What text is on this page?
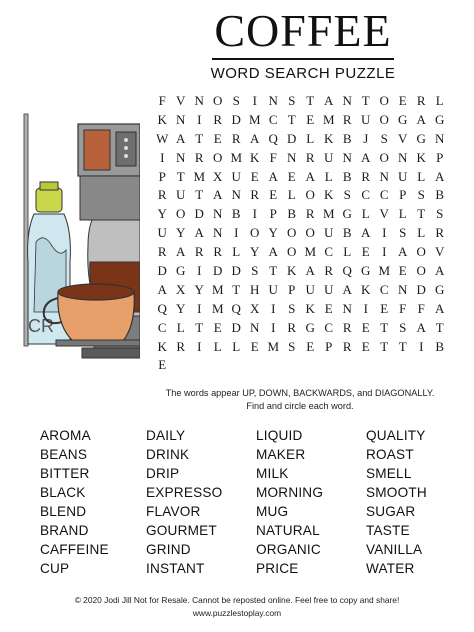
COFFEE
WORD SEARCH PUZZLE
CR
F V N O S I N S T A N T O E R L
K N I R D M C T E M R U O G A G
W A T E R A Q D L K B J S V G N
I N R O M K F N R U N A O N K P
P T M X U E A E A L B R N U L A
R U T A N R E L O K S C C P S B
Y O D N B I P B R M G L V L T S
U Y A N I O Y O O U B A I S L R
R A R R L Y A O M C L E I A O V
D G I D D S T K A R Q G M E O A
A X Y M T H U P U U A K C N D G
Q Y I M Q X I S K E N I E F F A
C L T E D N I R G C R E T S A T
K R I L L E M S E P R E T T I B
E
The words appear UP, DOWN, BACKWARDS, and DIAGONALLY.
Find and circle each word.
AROMA
BEANS
BITTER
BLACK
BLEND
BRAND
CAFFEINE
CUP
DAILY
DRINK
DRIP
EXPRESSO
FLAVOR
GOURMET
GRIND
INSTANT
LIQUID
MAKER
MILK
MORNING
MUG
NATURAL
ORGANIC
PRICE
QUALITY
ROAST
SMELL
SMOOTH
SUGAR
TASTE
VANILLA
WATER
© 2020 Jodi Jill Not for Resale. Cannot be reposted online. Feel free to copy and share!
www.puzzlestoplay.com
